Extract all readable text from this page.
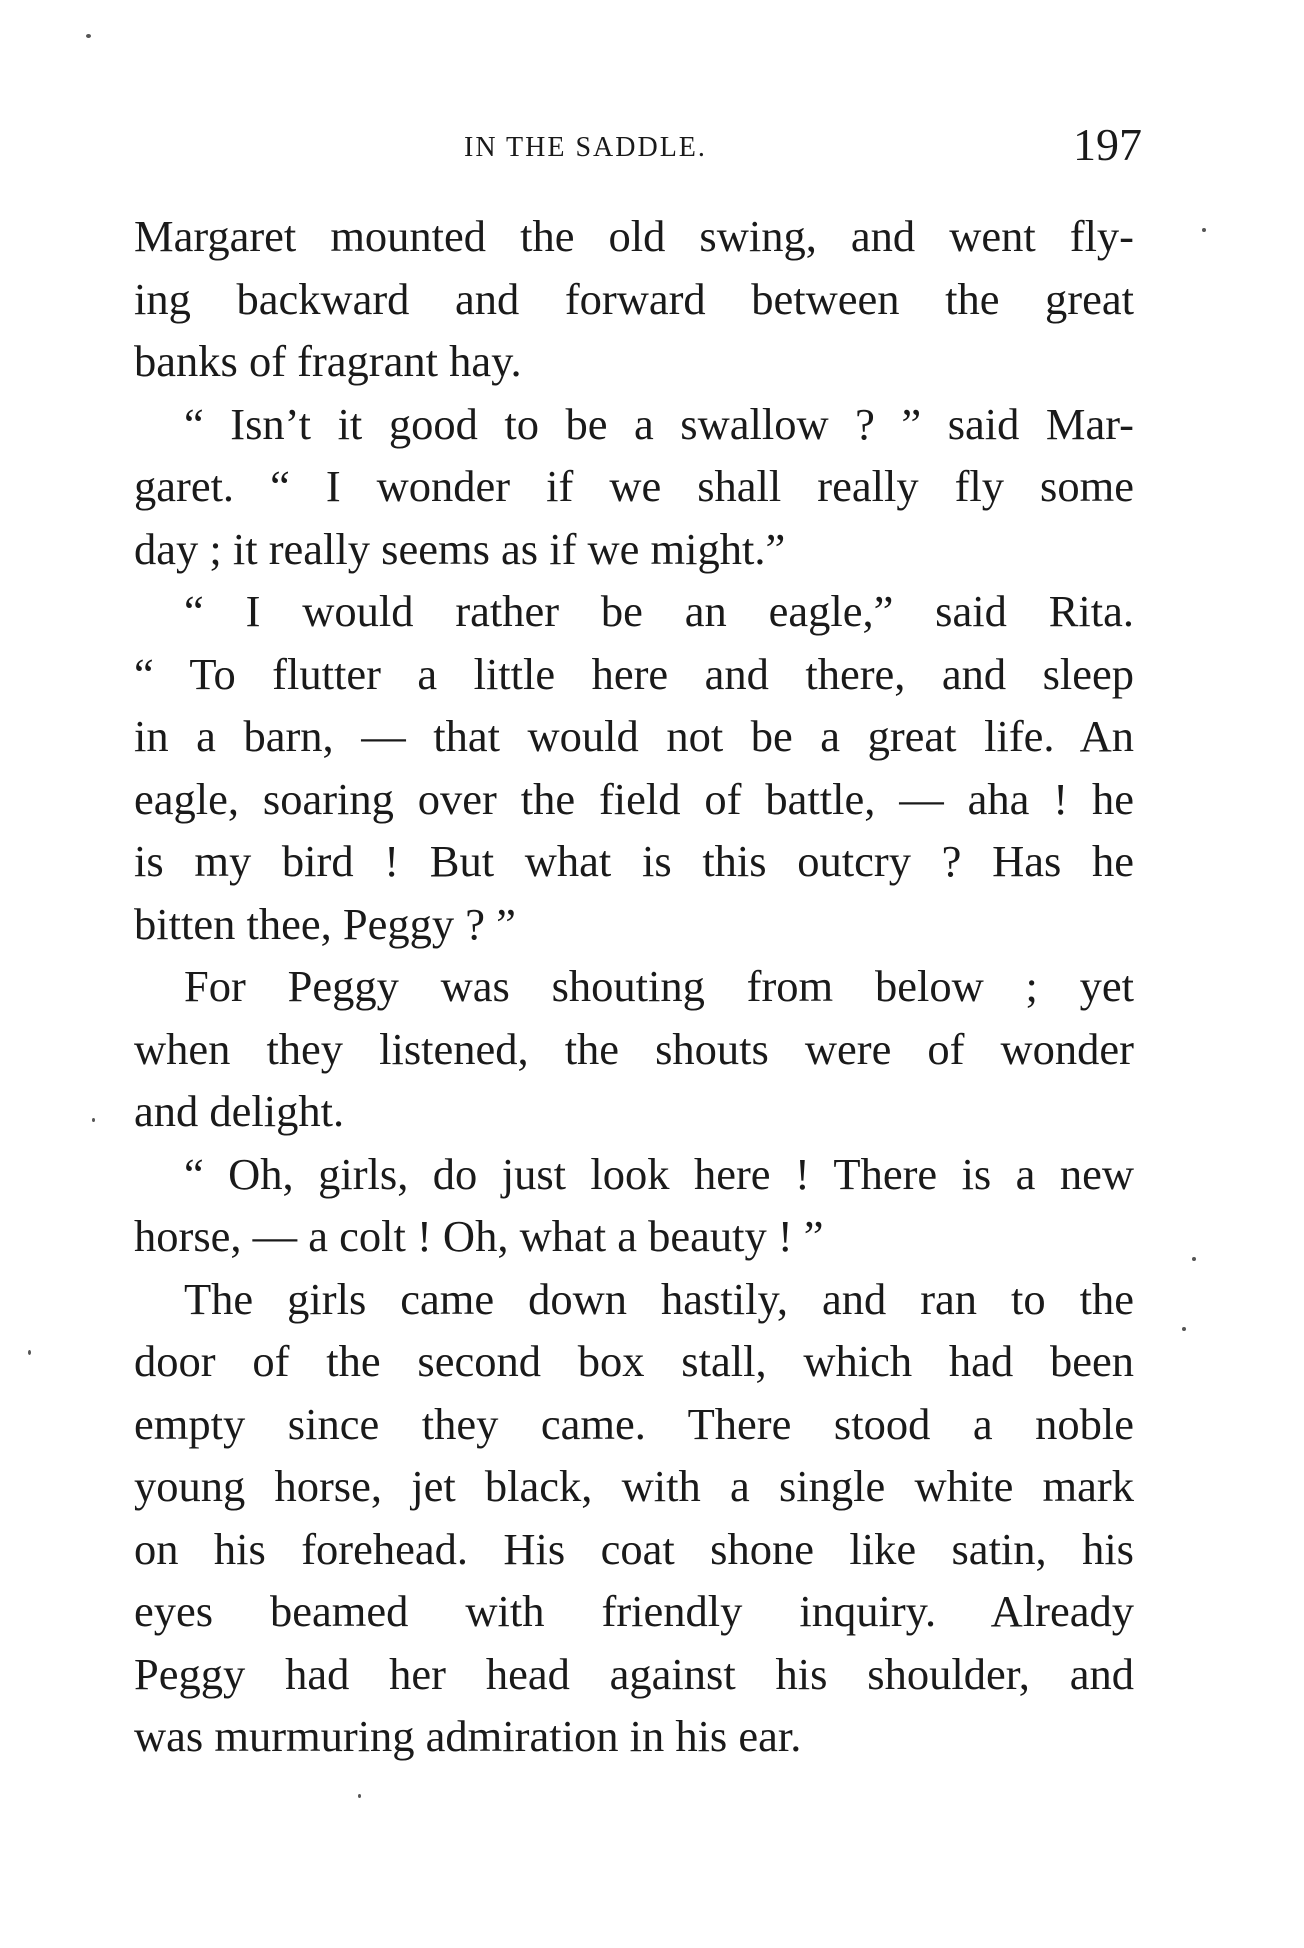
IN THE SADDLE.	197
Margaret mounted the old swing, and went fly-
ing backward and forward between the great
banks of fragrant hay.
“ Isn’t it good to be a swallow ? ” said Mar-
garet. “ I wonder if we shall really fly some
day ; it really seems as if we might.”
“ I would rather be an eagle,” said Rita.
“ To flutter a little here and there, and sleep
in a barn, — that would not be a great life. An
eagle, soaring over the field of battle, — aha ! he
is my bird ! But what is this outcry ? Has he
bitten thee, Peggy ? ”
For Peggy was shouting from below ; yet
when they listened, the shouts were of wonder
and delight.
“ Oh, girls, do just look here ! There is a new
horse, — a colt ! Oh, what a beauty ! ”
The girls came down hastily, and ran to the
door of the second box stall, which had been
empty since they came. There stood a noble
young horse, jet black, with a single white mark
on his forehead. His coat shone like satin, his
eyes beamed with friendly inquiry. Already
Peggy had her head against his shoulder, and
was murmuring admiration in his ear.
